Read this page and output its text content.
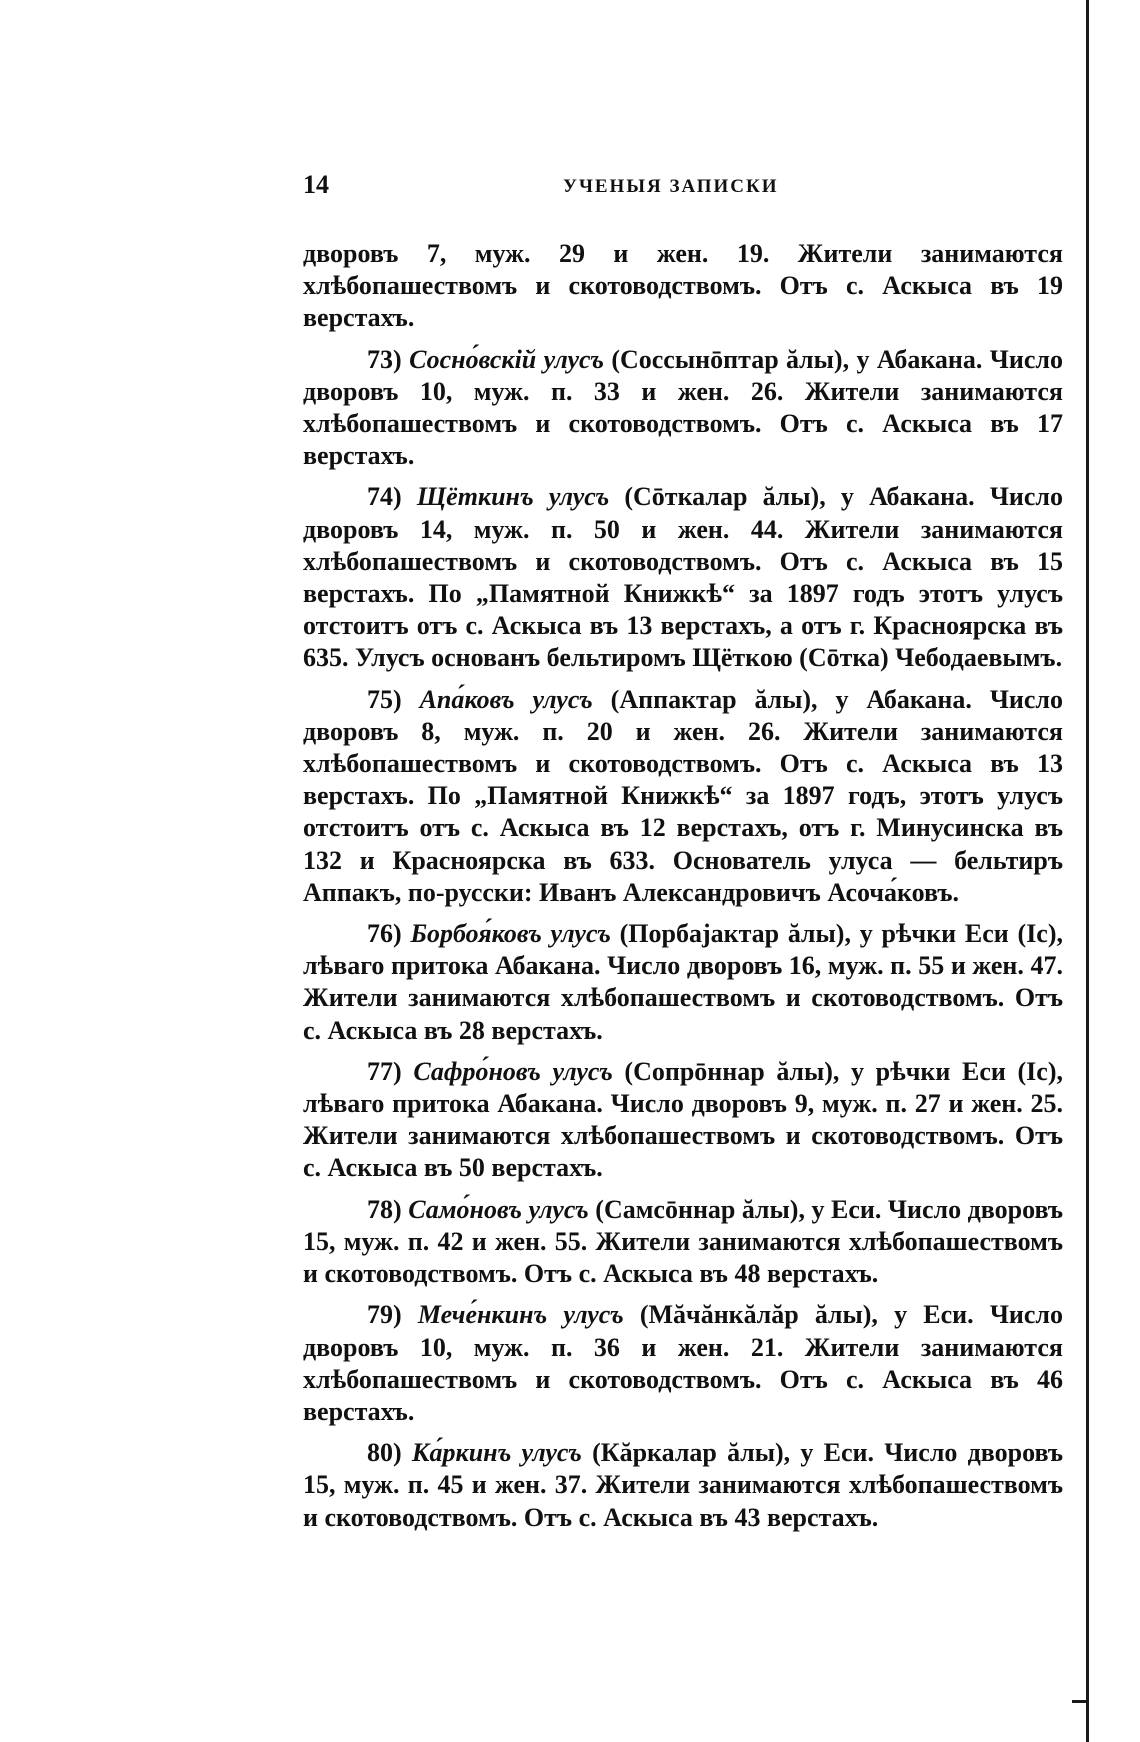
14	УЧЕНЫЯ ЗАПИСКИ

дворовъ 7, муж. 29 и жен. 19. Жители занимаются хлѣбопашествомъ и скотоводствомъ. Отъ с. Аскыса въ 19 верстахъ.

73) Сосно́вскій улусъ (Соссынōптар ăлы), у Абакана. Число дворовъ 10, муж. п. 33 и жен. 26. Жители занимаются хлѣбопашествомъ и скотоводствомъ. Отъ с. Аскыса въ 17 верстахъ.

74) Щёткинъ улусъ (Сōткалар ăлы), у Абакана. Число дворовъ 14, муж. п. 50 и жен. 44. Жители занимаются хлѣбопашествомъ и скотоводствомъ. Отъ с. Аскыса въ 15 верстахъ. По „Памятной Книжкѣ“ за 1897 годъ этотъ улусъ отстоитъ отъ с. Аскыса въ 13 верстахъ, а отъ г. Красноярска въ 635. Улусъ основанъ бельтиромъ Щёткою (Сōтка) Чебодаевымъ.

75) Апа́ковъ улусъ (Аппактар ăлы), у Абакана. Число дворовъ 8, муж. п. 20 и жен. 26. Жители занимаются хлѣбопашествомъ и скотоводствомъ. Отъ с. Аскыса въ 13 верстахъ. По „Памятной Книжкѣ“ за 1897 годъ, этотъ улусъ отстоитъ отъ с. Аскыса въ 12 верстахъ, отъ г. Минусинска въ 132 и Красноярска въ 633. Основатель улуса — бельтиръ Аппакъ, по-русски: Иванъ Александровичъ Асоча́ковъ.

76) Борбоя́ковъ улусъ (Порбаjактар ăлы), у рѣчки Еси (Іс), лѣваго притока Абакана. Число дворовъ 16, муж. п. 55 и жен. 47. Жители занимаются хлѣбопашествомъ и скотоводствомъ. Отъ с. Аскыса въ 28 верстахъ.

77) Сафро́новъ улусъ (Сопрōннар ăлы), у рѣчки Еси (Іс), лѣваго притока Абакана. Число дворовъ 9, муж. п. 27 и жен. 25. Жители занимаются хлѣбопашествомъ и скотоводствомъ. Отъ с. Аскыса въ 50 верстахъ.

78) Само́новъ улусъ (Самсōннар ăлы), у Еси. Число дворовъ 15, муж. п. 42 и жен. 55. Жители занимаются хлѣбопашествомъ и скотоводствомъ. Отъ с. Аскыса въ 48 верстахъ.

79) Мече́нкинъ улусъ (Мăчăнкăлăр ăлы), у Еси. Число дворовъ 10, муж. п. 36 и жен. 21. Жители занимаются хлѣбопашествомъ и скотоводствомъ. Отъ с. Аскыса въ 46 верстахъ.

80) Ка́ркинъ улусъ (Кăркалар ăлы), у Еси. Число дворовъ 15, муж. п. 45 и жен. 37. Жители занимаются хлѣбопашествомъ и скотоводствомъ. Отъ с. Аскыса въ 43 верстахъ.
